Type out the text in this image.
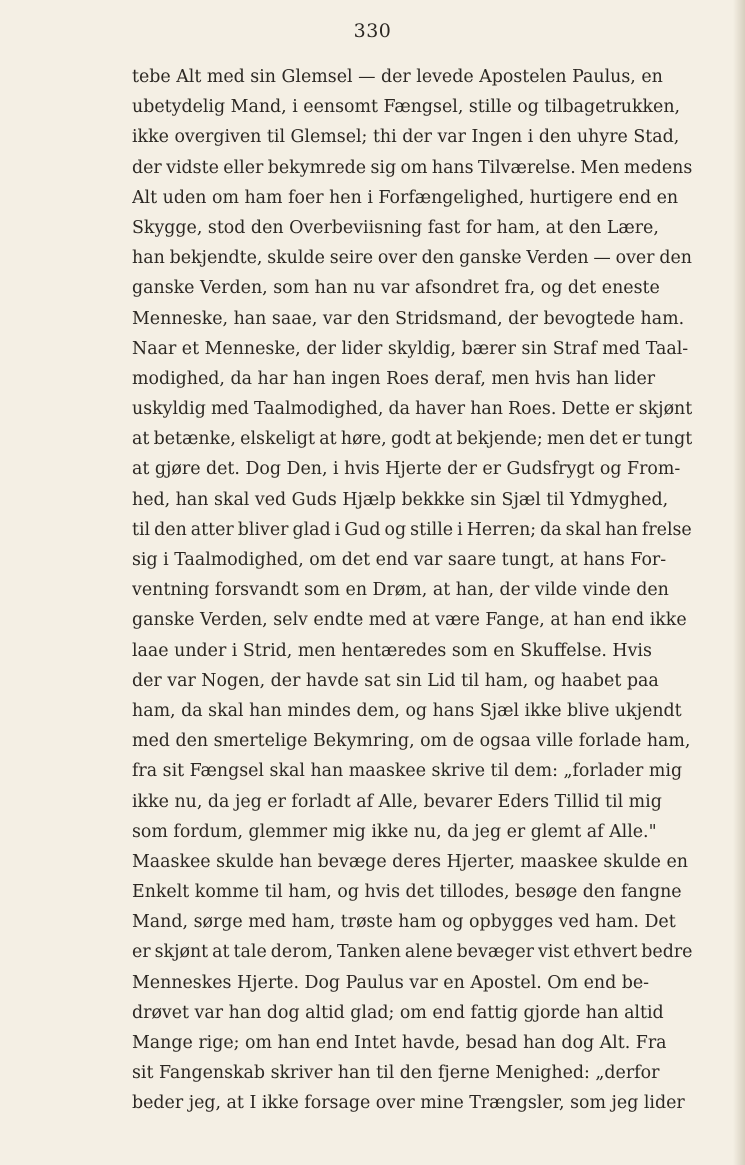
330
tebe Alt med sin Glemsel — der levede Apostelen Paulus, en
ubetydelig Mand, i eensomt Fængsel, stille og tilbagetrukken,
ikke overgiven til Glemsel; thi der var Ingen i den uhyre Stad,
der vidste eller bekymrede sig om hans Tilværelse. Men medens
Alt uden om ham foer hen i Forfængelighed, hurtigere end en
Skygge, stod den Overbeviisning fast for ham, at den Lære,
han bekjendte, skulde seire over den ganske Verden — over den
ganske Verden, som han nu var afsondret fra, og det eneste
Menneske, han saae, var den Stridsmand, der bevogtede ham.
Naar et Menneske, der lider skyldig, bærer sin Straf med Taal-
modighed, da har han ingen Roes deraf, men hvis han lider
uskyldig med Taalmodighed, da haver han Roes. Dette er skjønt
at betænke, elskeligt at høre, godt at bekjende; men det er tungt
at gjøre det. Dog Den, i hvis Hjerte der er Gudsfrygt og From-
hed, han skal ved Guds Hjælp bekkke sin Sjæl til Ydmyghed,
til den atter bliver glad i Gud og stille i Herren; da skal han frelse
sig i Taalmodighed, om det end var saare tungt, at hans For-
ventning forsvandt som en Drøm, at han, der vilde vinde den
ganske Verden, selv endte med at være Fange, at han end ikke
laae under i Strid, men hentæredes som en Skuffelse. Hvis
der var Nogen, der havde sat sin Lid til ham, og haabet paa
ham, da skal han mindes dem, og hans Sjæl ikke blive ukjendt
med den smertelige Bekymring, om de ogsaa ville forlade ham,
fra sit Fængsel skal han maaskee skrive til dem: „forlader mig
ikke nu, da jeg er forladt af Alle, bevarer Eders Tillid til mig
som fordum, glemmer mig ikke nu, da jeg er glemt af Alle."
Maaskee skulde han bevæge deres Hjerter, maaskee skulde en
Enkelt komme til ham, og hvis det tillodes, besøge den fangne
Mand, sørge med ham, trøste ham og opbygges ved ham. Det
er skjønt at tale derom, Tanken alene bevæger vist ethvert bedre
Menneskes Hjerte. Dog Paulus var en Apostel. Om end be-
drøvet var han dog altid glad; om end fattig gjorde han altid
Mange rige; om han end Intet havde, besad han dog Alt. Fra
sit Fangenskab skriver han til den fjerne Menighed: „derfor
beder jeg, at I ikke forsage over mine Trængsler, som jeg lider
